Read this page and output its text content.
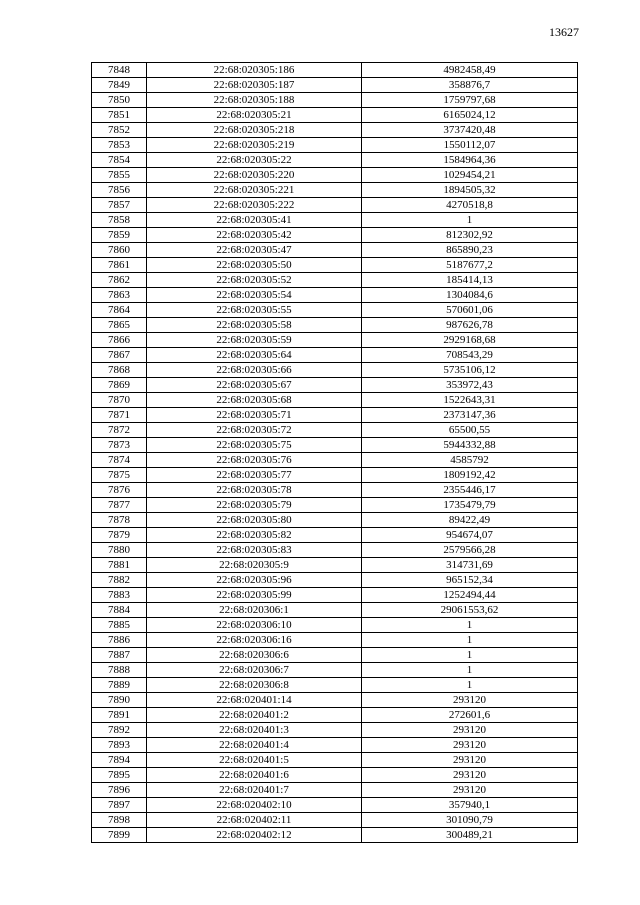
13627
7848	22:68:020305:186	4982458,49
7849	22:68:020305:187	358876,7
7850	22:68:020305:188	1759797,68
7851	22:68:020305:21	6165024,12
7852	22:68:020305:218	3737420,48
7853	22:68:020305:219	1550112,07
7854	22:68:020305:22	1584964,36
7855	22:68:020305:220	1029454,21
7856	22:68:020305:221	1894505,32
7857	22:68:020305:222	4270518,8
7858	22:68:020305:41	1
7859	22:68:020305:42	812302,92
7860	22:68:020305:47	865890,23
7861	22:68:020305:50	5187677,2
7862	22:68:020305:52	185414,13
7863	22:68:020305:54	1304084,6
7864	22:68:020305:55	570601,06
7865	22:68:020305:58	987626,78
7866	22:68:020305:59	2929168,68
7867	22:68:020305:64	708543,29
7868	22:68:020305:66	5735106,12
7869	22:68:020305:67	353972,43
7870	22:68:020305:68	1522643,31
7871	22:68:020305:71	2373147,36
7872	22:68:020305:72	65500,55
7873	22:68:020305:75	5944332,88
7874	22:68:020305:76	4585792
7875	22:68:020305:77	1809192,42
7876	22:68:020305:78	2355446,17
7877	22:68:020305:79	1735479,79
7878	22:68:020305:80	89422,49
7879	22:68:020305:82	954674,07
7880	22:68:020305:83	2579566,28
7881	22:68:020305:9	314731,69
7882	22:68:020305:96	965152,34
7883	22:68:020305:99	1252494,44
7884	22:68:020306:1	29061553,62
7885	22:68:020306:10	1
7886	22:68:020306:16	1
7887	22:68:020306:6	1
7888	22:68:020306:7	1
7889	22:68:020306:8	1
7890	22:68:020401:14	293120
7891	22:68:020401:2	272601,6
7892	22:68:020401:3	293120
7893	22:68:020401:4	293120
7894	22:68:020401:5	293120
7895	22:68:020401:6	293120
7896	22:68:020401:7	293120
7897	22:68:020402:10	357940,1
7898	22:68:020402:11	301090,79
7899	22:68:020402:12	300489,21
